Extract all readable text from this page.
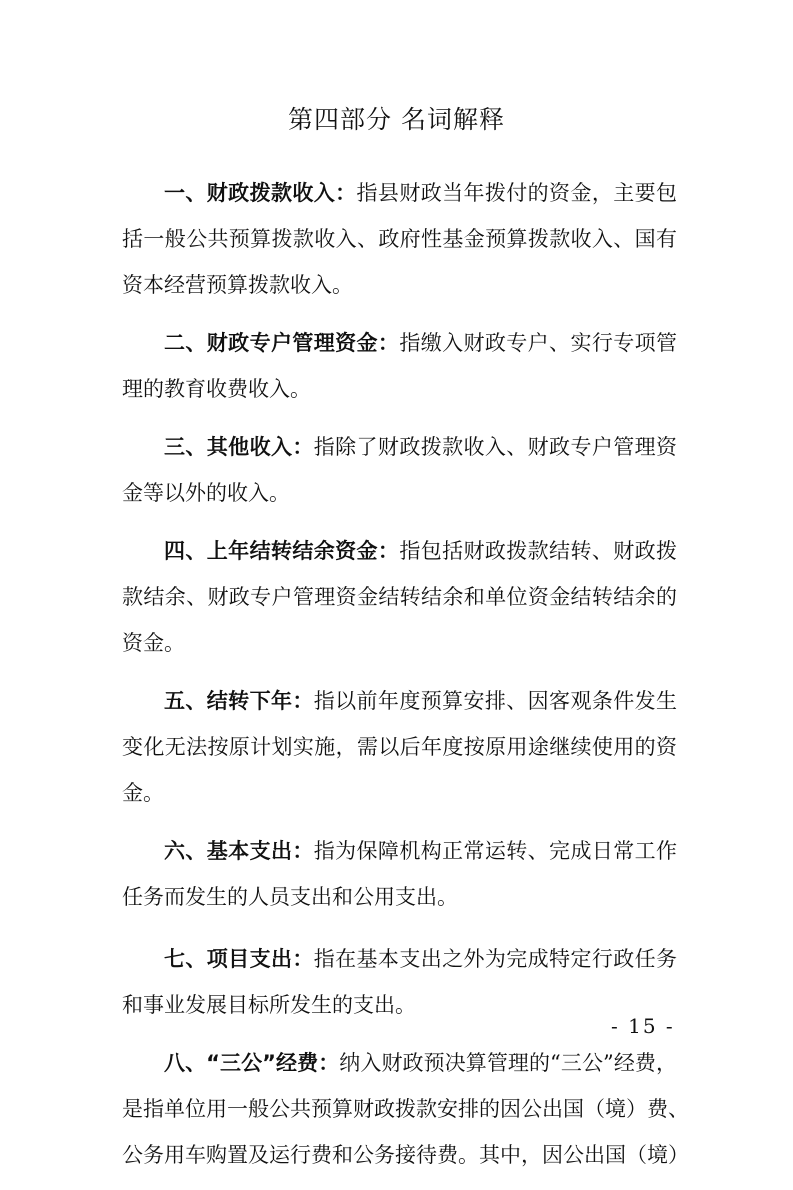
第四部分 名词解释
一、财政拨款收入：指县财政当年拨付的资金，主要包
括一般公共预算拨款收入、政府性基金预算拨款收入、国有
资本经营预算拨款收入。
二、财政专户管理资金：指缴入财政专户、实行专项管
理的教育收费收入。
三、其他收入：指除了财政拨款收入、财政专户管理资
金等以外的收入。
四、上年结转结余资金：指包括财政拨款结转、财政拨
款结余、财政专户管理资金结转结余和单位资金结转结余的
资金。
五、结转下年：指以前年度预算安排、因客观条件发生
变化无法按原计划实施，需以后年度按原用途继续使用的资
金。
六、基本支出：指为保障机构正常运转、完成日常工作
任务而发生的人员支出和公用支出。
七、项目支出：指在基本支出之外为完成特定行政任务
和事业发展目标所发生的支出。
八、“三公”经费：纳入财政预决算管理的“三公”经费，
是指单位用一般公共预算财政拨款安排的因公出国（境）费、
公务用车购置及运行费和公务接待费。其中，因公出国（境）
- 15 -
